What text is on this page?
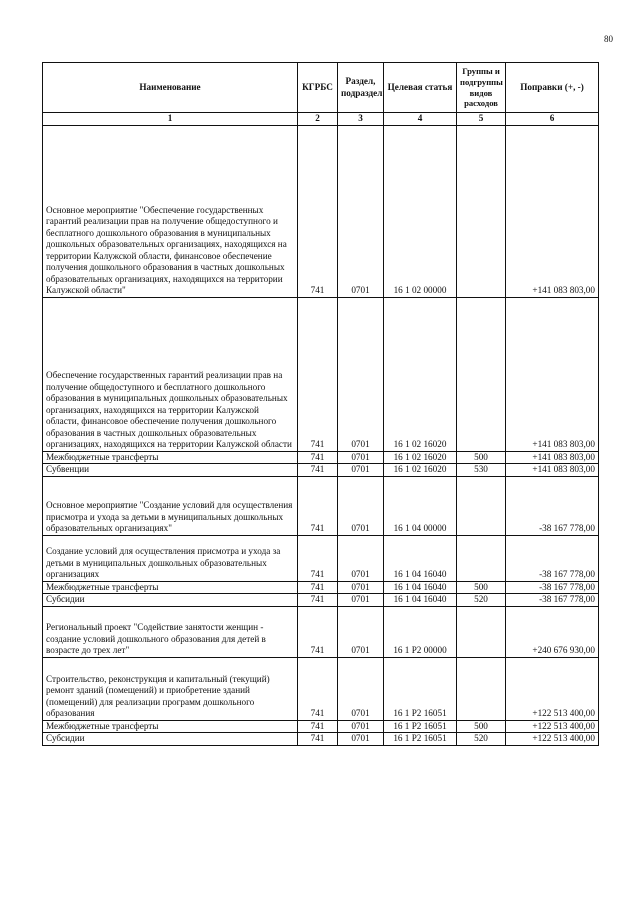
80
Наименование	КГРБС	Раздел, подраздел	Целевая статья	Группы и подгруппы видов расходов	Поправки (+, -)
1	2	3	4	5	6
Основное мероприятие "Обеспечение государственных гарантий реализации прав на получение общедоступного и бесплатного дошкольного образования в муниципальных дошкольных образовательных организациях, находящихся на территории Калужской области, финансовое обеспечение получения дошкольного образования в частных дошкольных образовательных организациях, находящихся на территории Калужской области"	741	0701	16 1 02 00000		+141 083 803,00
Обеспечение государственных гарантий реализации прав на получение общедоступного и бесплатного дошкольного образования в муниципальных дошкольных образовательных организациях, находящихся на территории Калужской области, финансовое обеспечение получения дошкольного образования в частных дошкольных образовательных организациях, находящихся на территории Калужской области	741	0701	16 1 02 16020		+141 083 803,00
Межбюджетные трансферты	741	0701	16 1 02 16020	500	+141 083 803,00
Субвенции	741	0701	16 1 02 16020	530	+141 083 803,00
Основное мероприятие "Создание условий для осуществления присмотра и ухода за детьми в муниципальных дошкольных образовательных организациях"	741	0701	16 1 04 00000		-38 167 778,00
Создание условий для осуществления присмотра и ухода за детьми в муниципальных дошкольных образовательных организациях	741	0701	16 1 04 16040		-38 167 778,00
Межбюджетные трансферты	741	0701	16 1 04 16040	500	-38 167 778,00
Субсидии	741	0701	16 1 04 16040	520	-38 167 778,00
Региональный проект "Содействие занятости женщин - создание условий дошкольного образования для детей в возрасте до трех лет"	741	0701	16 1 P2 00000		+240 676 930,00
Строительство, реконструкция и капитальный (текущий) ремонт зданий (помещений) и приобретение зданий (помещений) для реализации программ дошкольного образования	741	0701	16 1 P2 16051		+122 513 400,00
Межбюджетные трансферты	741	0701	16 1 P2 16051	500	+122 513 400,00
Субсидии	741	0701	16 1 P2 16051	520	+122 513 400,00
